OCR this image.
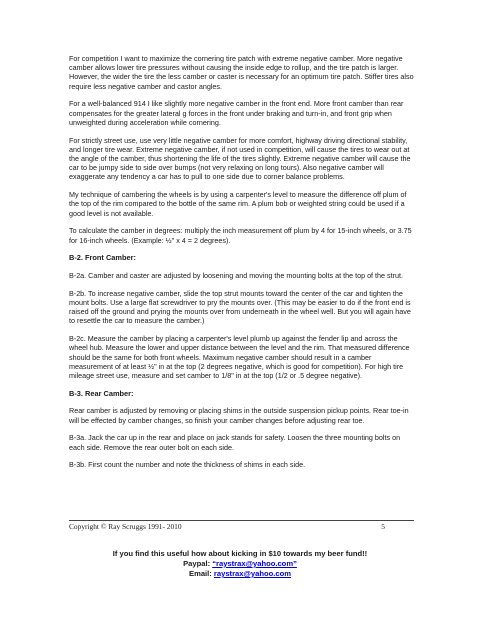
For competition I want to maximize the cornering tire patch with extreme negative camber. More negative camber allows lower tire pressures without causing the inside edge to rollup, and the tire patch is larger. However, the wider the tire the less camber or caster is necessary for an optimum tire patch. Stiffer tires also require less negative camber and castor angles.

For a well-balanced 914 I like slightly more negative camber in the front end. More front camber than rear compensates for the greater lateral g forces in the front under braking and turn-in, and front grip when unweighted during acceleration while cornering.

For strictly street use, use very little negative camber for more comfort, highway driving directional stability, and longer tire wear. Extreme negative camber, if not used in competition, will cause the tires to wear out at the angle of the camber, thus shortening the life of the tires slightly. Extreme negative camber will cause the car to be jumpy side to side over bumps (not very relaxing on long tours). Also negative camber will exaggerate any tendency a car has to pull to one side due to corner balance problems.

My technique of cambering the wheels is by using a carpenter's level to measure the difference off plum of the top of the rim compared to the bottle of the same rim. A plum bob or weighted string could be used if a good level is not available.

To calculate the camber in degrees: multiply the inch measurement off plum by 4 for 15-inch wheels, or 3.75 for 16-inch wheels. (Example: ½" x 4 = 2 degrees).

B-2. Front Camber:

B-2a. Camber and caster are adjusted by loosening and moving the mounting bolts at the top of the strut.

B-2b. To increase negative camber, slide the top strut mounts toward the center of the car and tighten the mount bolts. Use a large flat screwdriver to pry the mounts over. (This may be easier to do if the front end is raised off the ground and prying the mounts over from underneath in the wheel well. But you will again have to resettle the car to measure the camber.)

B-2c. Measure the camber by placing a carpenter's level plumb up against the fender lip and across the wheel hub. Measure the lower and upper distance between the level and the rim. That measured difference should be the same for both front wheels. Maximum negative camber should result in a camber measurement of at least ½" in at the top (2 degrees negative, which is good for competition). For high tire mileage street use, measure and set camber to 1/8" in at the top (1/2 or .5 degree negative).

B-3. Rear Camber:

Rear camber is adjusted by removing or placing shims in the outside suspension pickup points. Rear toe-in will be effected by camber changes, so finish your camber changes before adjusting rear toe.

B-3a. Jack the car up in the rear and place on jack stands for safety. Loosen the three mounting bolts on each side. Remove the rear outer bolt on each side.

B-3b. First count the number and note the thickness of shims in each side.

Copyright © Ray Scruggs 1991- 2010	5
If you find this useful how about kicking in $10 towards my beer fund!!
Paypal: “raystrax@yahoo.com”
Email: raystrax@yahoo.com
